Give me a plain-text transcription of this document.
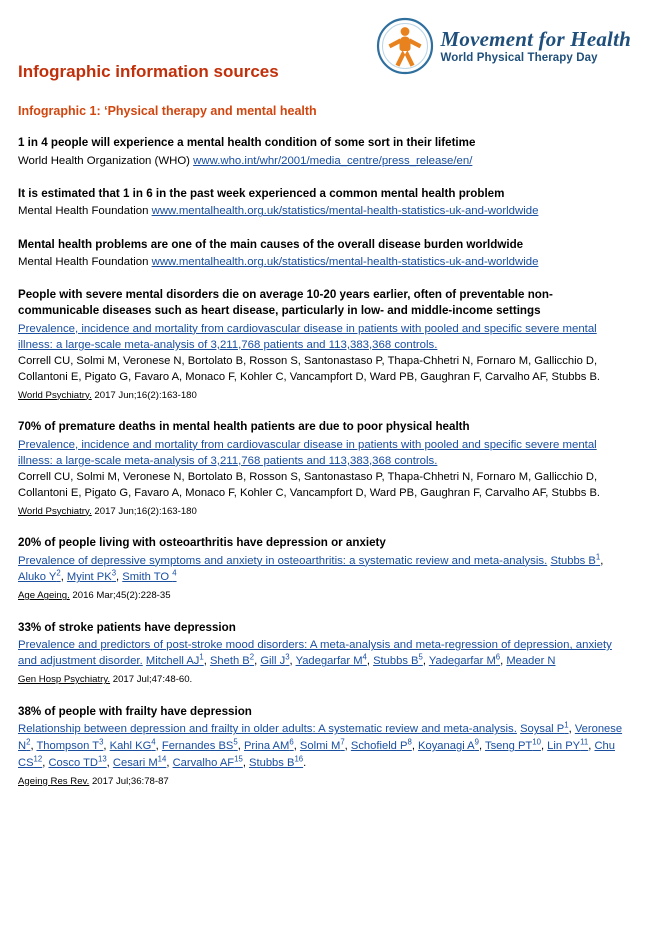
Movement for Health
World Physical Therapy Day
Infographic information sources
Infographic 1: ‘Physical therapy and mental health

1 in 4 people will experience a mental health condition of some sort in their lifetime

World Health Organization (WHO) www.who.int/whr/2001/media_centre/press_release/en/

It is estimated that 1 in 6 in the past week experienced a common mental health problem

Mental Health Foundation www.mentalhealth.org.uk/statistics/mental-health-statistics-uk-and-worldwide

Mental health problems are one of the main causes of the overall disease burden worldwide

Mental Health Foundation www.mentalhealth.org.uk/statistics/mental-health-statistics-uk-and-worldwide

People with severe mental disorders die on average 10-20 years earlier, often of preventable non-communicable diseases such as heart disease, particularly in low- and middle-income settings

Prevalence, incidence and mortality from cardiovascular disease in patients with pooled and specific severe mental illness: a large-scale meta-analysis of 3,211,768 patients and 113,383,368 controls.

Correll CU, Solmi M, Veronese N, Bortolato B, Rosson S, Santonastaso P, Thapa-Chhetri N, Fornaro M, Gallicchio D, Collantoni E, Pigato G, Favaro A, Monaco F, Kohler C, Vancampfort D, Ward PB, Gaughran F, Carvalho AF, Stubbs B.

World Psychiatry. 2017 Jun;16(2):163-180

70% of premature deaths in mental health patients are due to poor physical health

Prevalence, incidence and mortality from cardiovascular disease in patients with pooled and specific severe mental illness: a large-scale meta-analysis of 3,211,768 patients and 113,383,368 controls.

Correll CU, Solmi M, Veronese N, Bortolato B, Rosson S, Santonastaso P, Thapa-Chhetri N, Fornaro M, Gallicchio D, Collantoni E, Pigato G, Favaro A, Monaco F, Kohler C, Vancampfort D, Ward PB, Gaughran F, Carvalho AF, Stubbs B.

World Psychiatry. 2017 Jun;16(2):163-180

20% of people living with osteoarthritis have depression or anxiety

Prevalence of depressive symptoms and anxiety in osteoarthritis: a systematic review and meta-analysis. Stubbs $B^1$, Aluko $Y^2$, Myint $PK^3$, Smith TO $^4$

Age Ageing. 2016 Mar;45(2):228-35

33% of stroke patients have depression

Prevalence and predictors of post-stroke mood disorders: A meta-analysis and meta-regression of depression, anxiety and adjustment disorder. Mitchell $AJ^1$, Sheth $B^2$, Gill $J^3$, Yadegarfar $M^4$, Stubbs $B^5$, Yadegarfar $M^6$, Meader N

Gen Hosp Psychiatry. 2017 Jul;47:48-60.

38% of people with frailty have depression

Relationship between depression and frailty in older adults: A systematic review and meta-analysis. Soysal $P^1$, Veronese $N^2$, Thompson $T^3$, Kahl $KG^4$, Fernandes $BS^5$, Prina $AM^6$, Solmi $M^7$, Schofield $P^8$, Koyanagi $A^9$, Tseng PT$^{10}$, Lin PY$^{11}$, Chu CS$^{12}$, Cosco TD$^{13}$, Cesari $M^{14}$, Carvalho AF$^{15}$, Stubbs $B^{16}$.

Ageing Res Rev. 2017 Jul;36:78-87
